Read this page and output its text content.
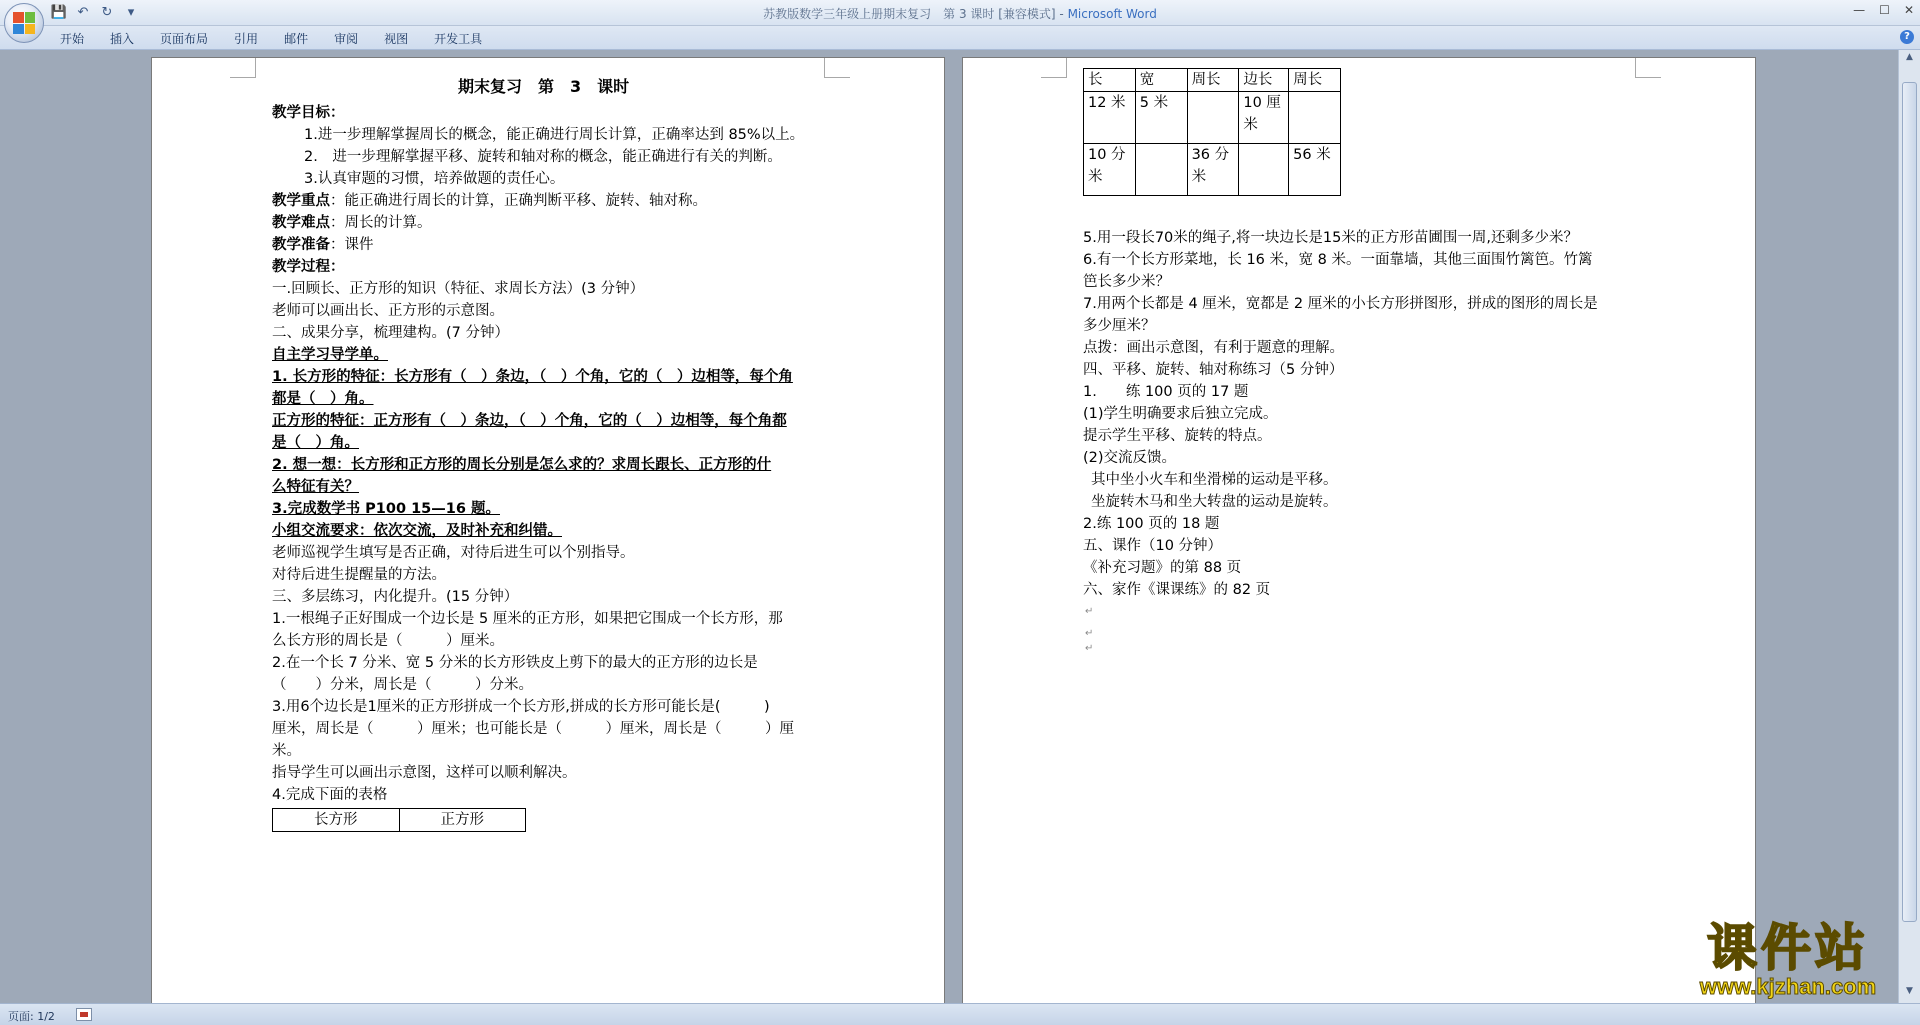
💾 ↶ ↻	▾	苏教版数学三年级上册期末复习　第 3 课时 [兼容模式] - Microsoft Word	— ☐ ✕
开始	插入	页面布局	引用	邮件	审阅	视图	开发工具	?
期末复习　第　3　课时
教学目标：
1.进一步理解掌握周长的概念，能正确进行周长计算，正确率达到 85%以上。
2.　进一步理解掌握平移、旋转和轴对称的概念，能正确进行有关的判断。
3.认真审题的习惯，培养做题的责任心。
教学重点：能正确进行周长的计算，正确判断平移、旋转、轴对称。
教学难点：周长的计算。
教学准备：课件　
教学过程：
一.回顾长、正方形的知识（特征、求周长方法）(3 分钟）
老师可以画出长、正方形的示意图。
二、成果分享，梳理建构。(7 分钟）
自主学习导学单。
1. 长方形的特征：长方形有（　）条边，（　）个角，它的（　）边相等，每个角
都是（　）角。
正方形的特征：正方形有（　）条边，（　）个角，它的（　）边相等，每个角都
是（　）角。
2. 想一想：长方形和正方形的周长分别是怎么求的？求周长跟长、正方形的什
么特征有关？
3.完成数学书 P100 15—16 题。
小组交流要求：依次交流，及时补充和纠错。
老师巡视学生填写是否正确，对待后进生可以个别指导。
对待后进生提醒量的方法。
三、多层练习，内化提升。(15 分钟）
1.一根绳子正好围成一个边长是 5 厘米的正方形，如果把它围成一个长方形，那
么长方形的周长是（　　　）厘米。
2.在一个长 7 分米、宽 5 分米的长方形铁皮上剪下的最大的正方形的边长是
（　　）分米，周长是（　　　）分米。
3.用6个边长是1厘米的正方形拼成一个长方形,拼成的长方形可能长是(　　　)
厘米，周长是（　　　）厘米；也可能长是（　　　）厘米，周长是（　　　）厘
米。
指导学生可以画出示意图，这样可以顺利解决。
4.完成下面的表格
长方形	正方形
长	宽	周长	边长	周长
12 米	5 米		10 厘米	
10 分米		36 分米		56 米
5.用一段长70米的绳子,将一块边长是15米的正方形苗圃围一周,还剩多少米？
6.有一个长方形菜地，长 16 米，宽 8 米。一面靠墙，其他三面围竹篱笆。竹篱
笆长多少米？
7.用两个长都是 4 厘米，宽都是 2 厘米的小长方形拼图形，拼成的图形的周长是
多少厘米？
点拨：画出示意图，有利于题意的理解。
四、平移、旋转、轴对称练习（5 分钟）
1.　　练 100 页的 17 题
(1)学生明确要求后独立完成。
提示学生平移、旋转的特点。
(2)交流反馈。
其中坐小火车和坐滑梯的运动是平移。
坐旋转木马和坐大转盘的运动是旋转。
2.练 100 页的 18 题
五、课作（10 分钟）
《补充习题》的第 88 页
六、家作《课课练》的 82 页
↵
↵
↵
▲
▼
页面: 1/2
课件站
www.kjzhan.com
